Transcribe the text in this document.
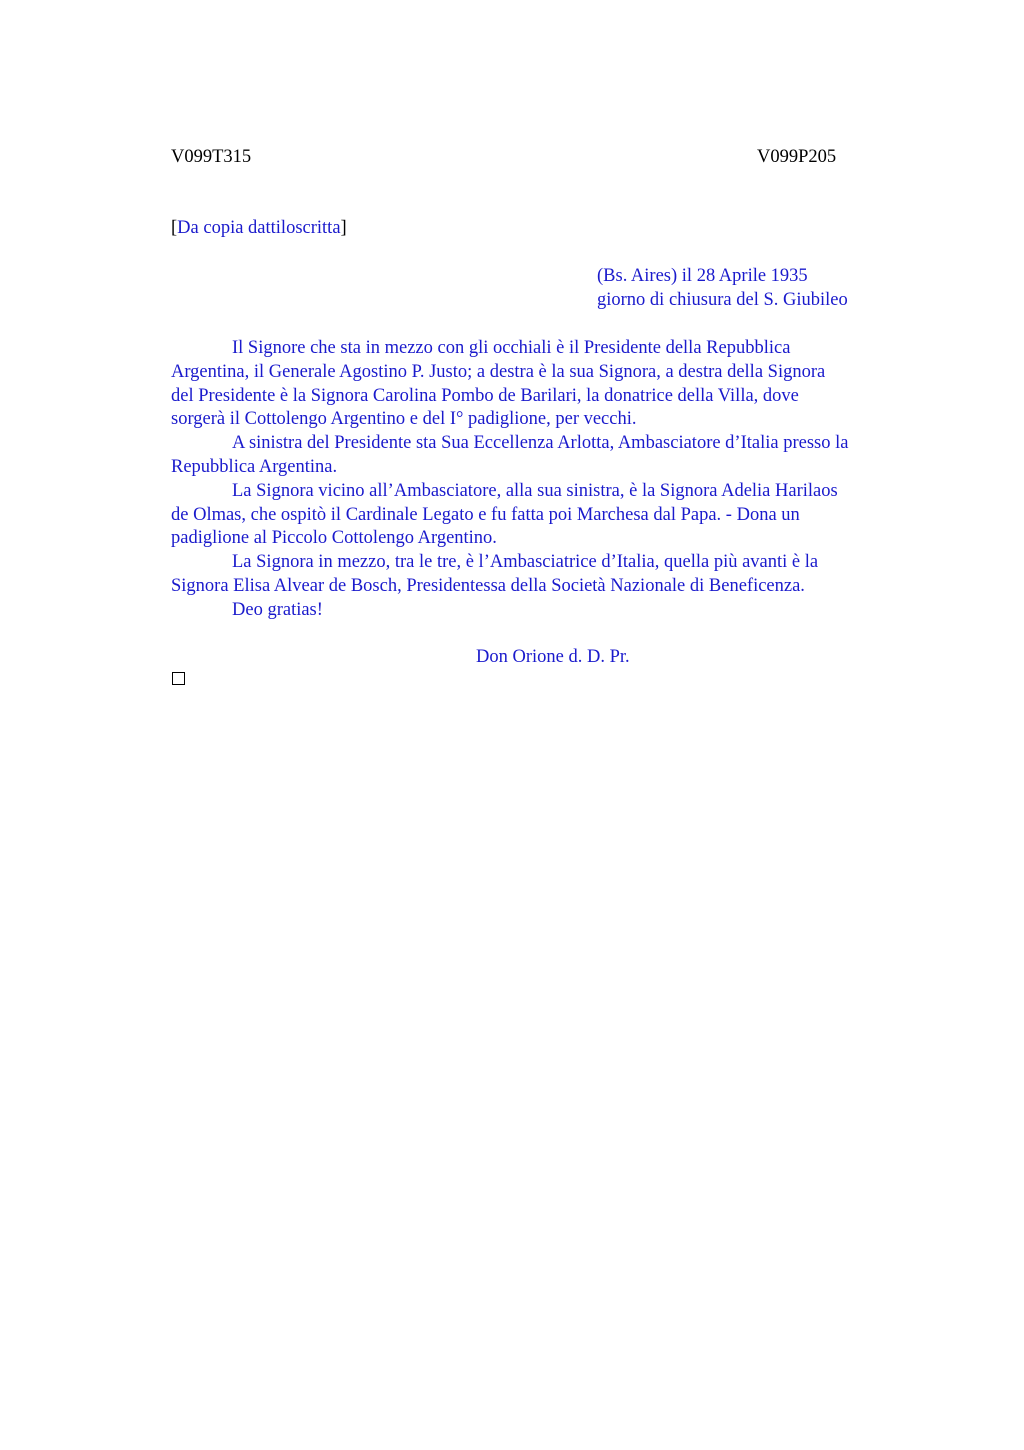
V099T315	V099P205
[Da copia dattiloscritta]
(Bs. Aires) il 28 Aprile 1935
giorno di chiusura del S. Giubileo
Il Signore che sta in mezzo con gli occhiali è il Presidente della Repubblica
Argentina, il Generale Agostino P. Justo; a destra è la sua Signora, a destra della Signora
del Presidente è la Signora Carolina Pombo de Barilari, la donatrice della Villa, dove
sorgerà il Cottolengo Argentino e del I° padiglione, per vecchi.
A sinistra del Presidente sta Sua Eccellenza Arlotta, Ambasciatore d’Italia presso la
Repubblica Argentina.
La Signora vicino all’Ambasciatore, alla sua sinistra, è la Signora Adelia Harilaos
de Olmas, che ospitò il Cardinale Legato e fu fatta poi Marchesa dal Papa. - Dona un
padiglione al Piccolo Cottolengo Argentino.
La Signora in mezzo, tra le tre, è l’Ambasciatrice d’Italia, quella più avanti è la
Signora Elisa Alvear de Bosch, Presidentessa della Società Nazionale di Beneficenza.
Deo gratias!
Don Orione d. D. Pr.
